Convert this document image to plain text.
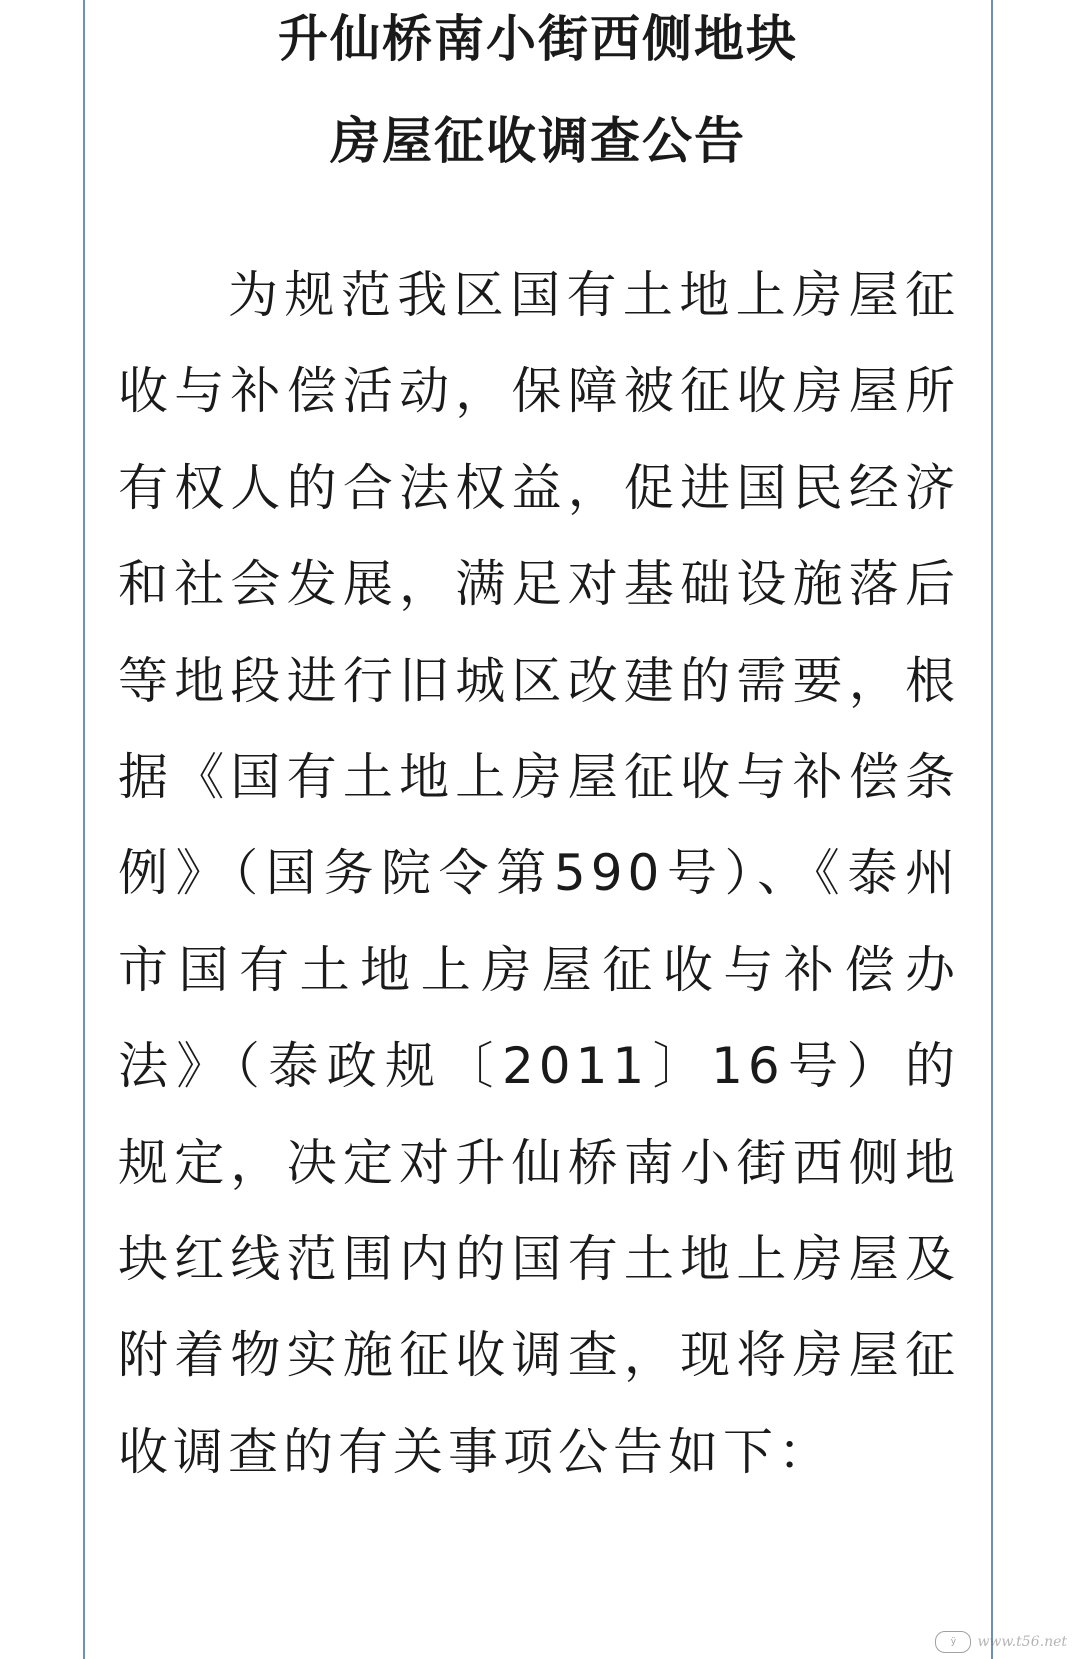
升仙桥南小街西侧地块
房屋征收调查公告

为规范我区国有土地上房屋征收与补偿活动，保障被征收房屋所有权人的合法权益，促进国民经济和社会发展，满足对基础设施落后等地段进行旧城区改建的需要，根据《国有土地上房屋征收与补偿条例》（国务院令第590号）、《泰州市国有土地上房屋征收与补偿办法》（泰政规〔2011〕16号）的规定，决定对升仙桥南小街西侧地块红线范围内的国有土地上房屋及附着物实施征收调查，现将房屋征收调查的有关事项公告如下：

ÿ	www.t56.net
